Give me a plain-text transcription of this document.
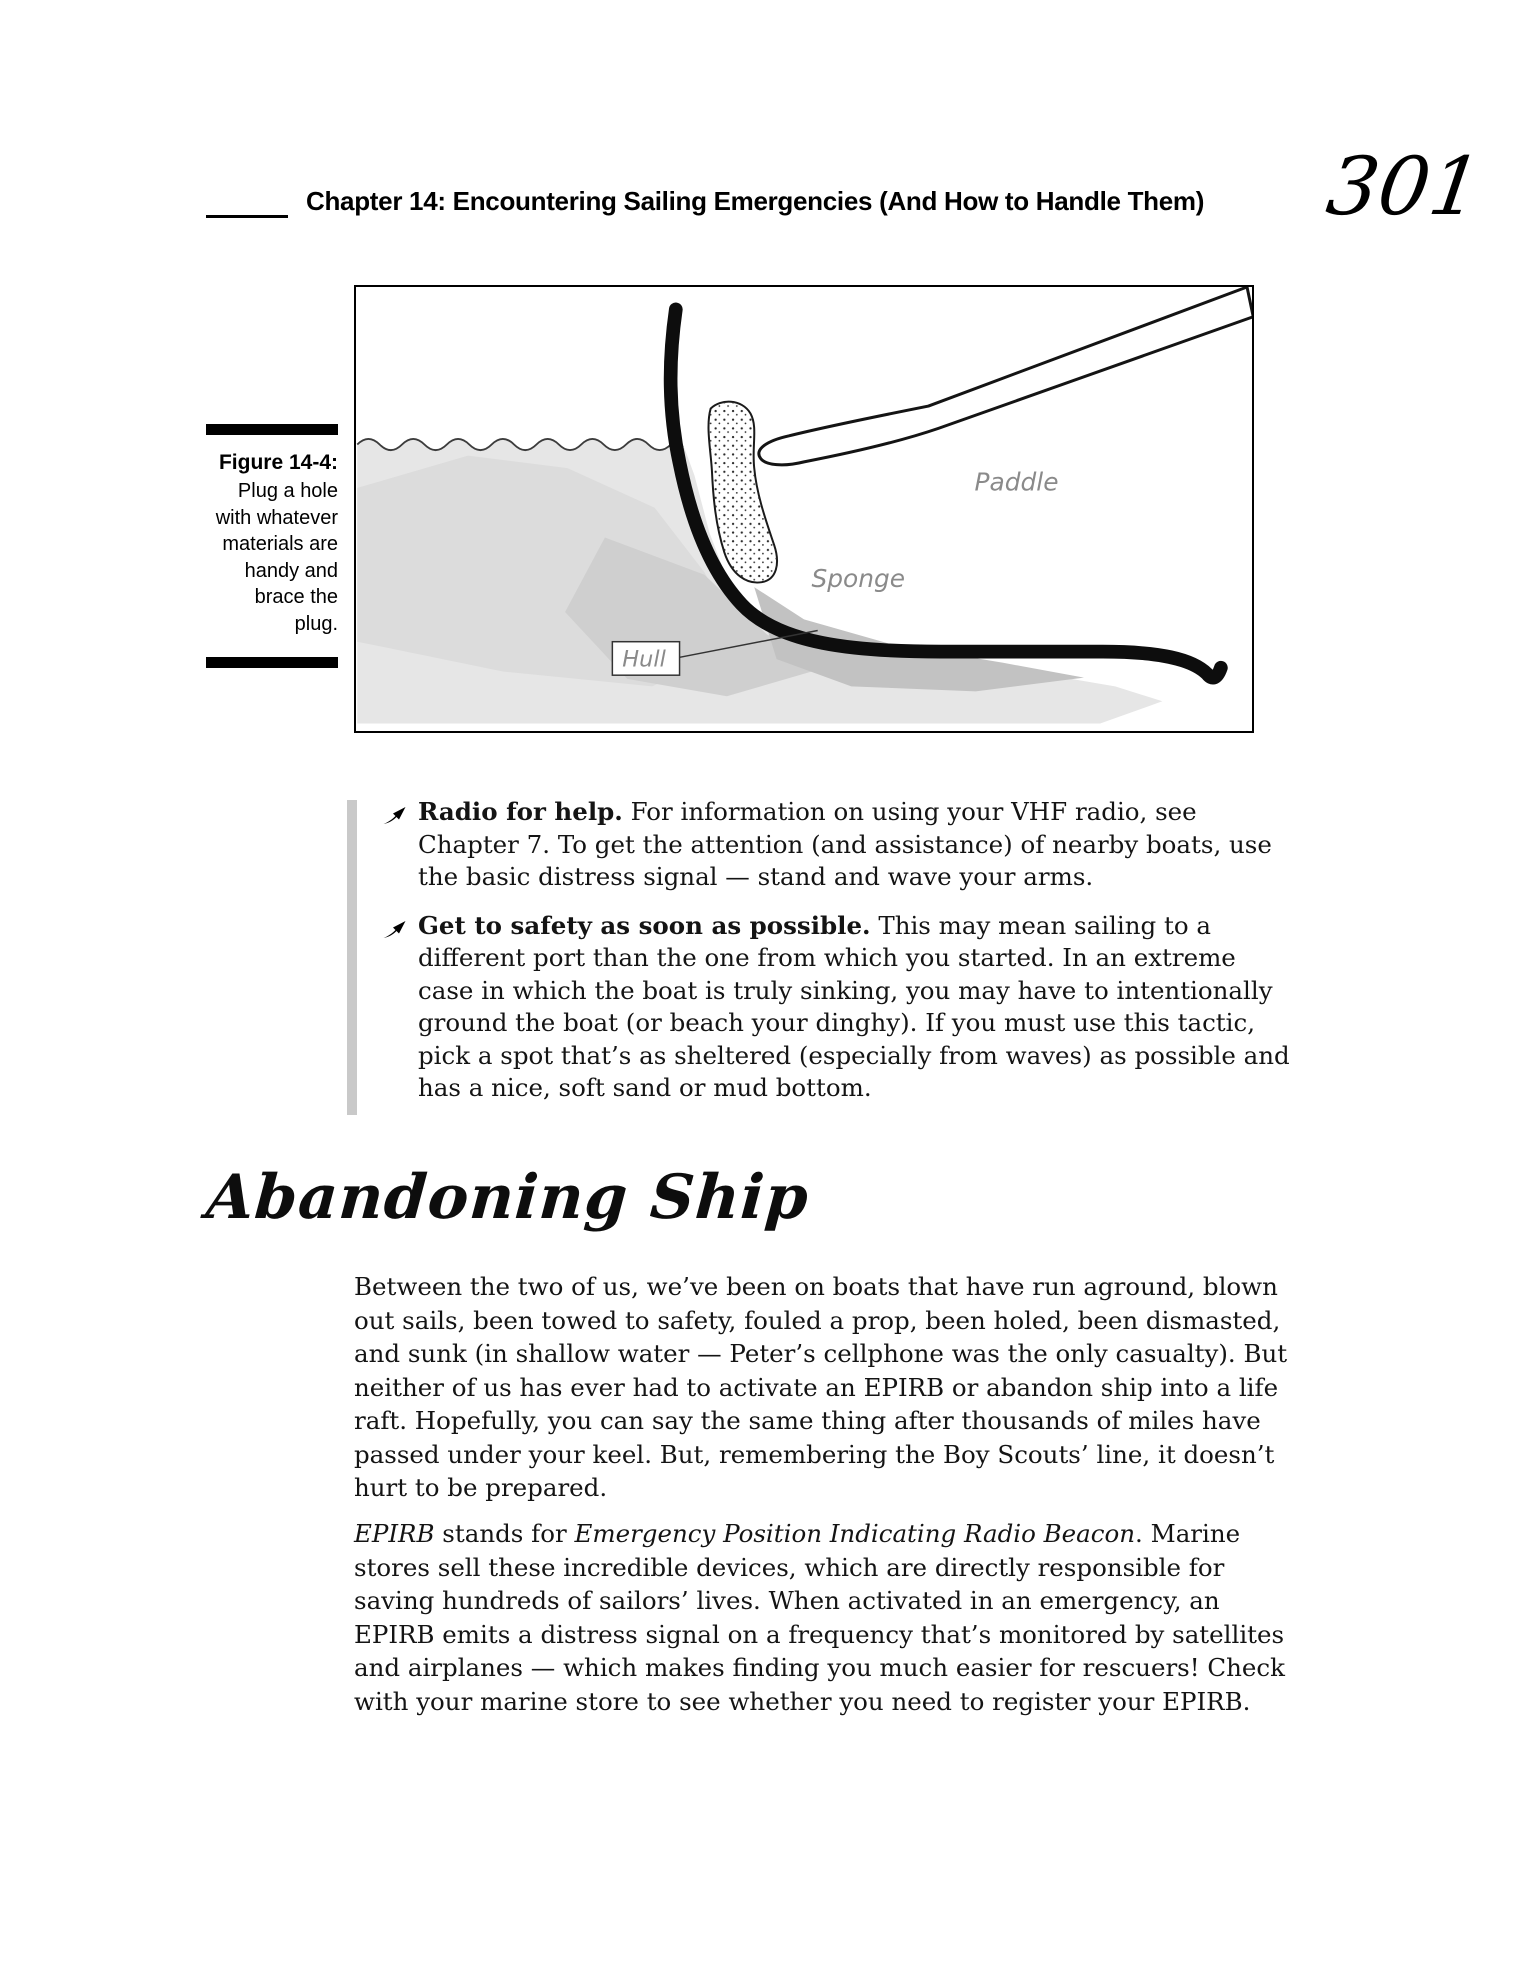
Chapter 14: Encountering Sailing Emergencies (And How to Handle Them)	301
Figure 14-4:
Plug a hole with whatever materials are handy and brace the plug.
Hull
Paddle
Sponge
Radio for help. For information on using your VHF radio, see Chapter 7. To get the attention (and assistance) of nearby boats, use the basic distress signal — stand and wave your arms.
Get to safety as soon as possible. This may mean sailing to a different port than the one from which you started. In an extreme case in which the boat is truly sinking, you may have to intentionally ground the boat (or beach your dinghy). If you must use this tactic, pick a spot that’s as sheltered (especially from waves) as possible and has a nice, soft sand or mud bottom.
Abandoning Ship
Between the two of us, we’ve been on boats that have run aground, blown out sails, been towed to safety, fouled a prop, been holed, been dismasted, and sunk (in shallow water — Peter’s cellphone was the only casualty). But neither of us has ever had to activate an EPIRB or abandon ship into a life raft. Hopefully, you can say the same thing after thousands of miles have passed under your keel. But, remembering the Boy Scouts’ line, it doesn’t hurt to be prepared.
EPIRB stands for Emergency Position Indicating Radio Beacon. Marine stores sell these incredible devices, which are directly responsible for saving hundreds of sailors’ lives. When activated in an emergency, an EPIRB emits a distress signal on a frequency that’s monitored by satellites and airplanes — which makes finding you much easier for rescuers! Check with your marine store to see whether you need to register your EPIRB.
